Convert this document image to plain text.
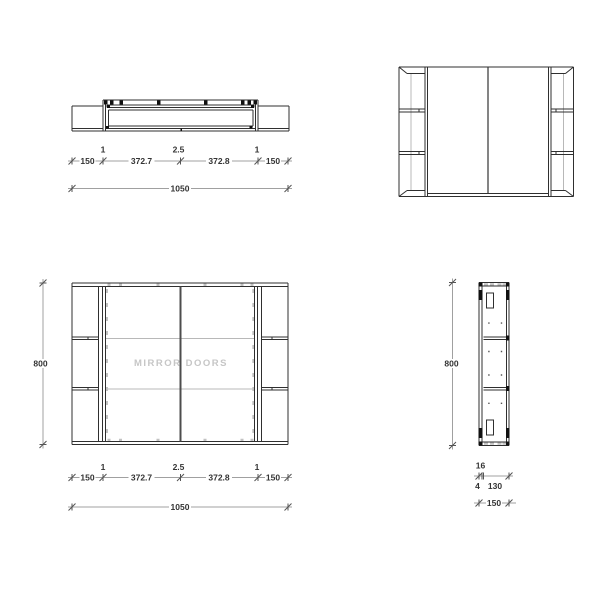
1	2.5	1
150	372.7	372.8	150
1050
MIRROR DOORS
800
1	2.5	1
150	372.7	372.8	150
1050
800
16
4 130
150
